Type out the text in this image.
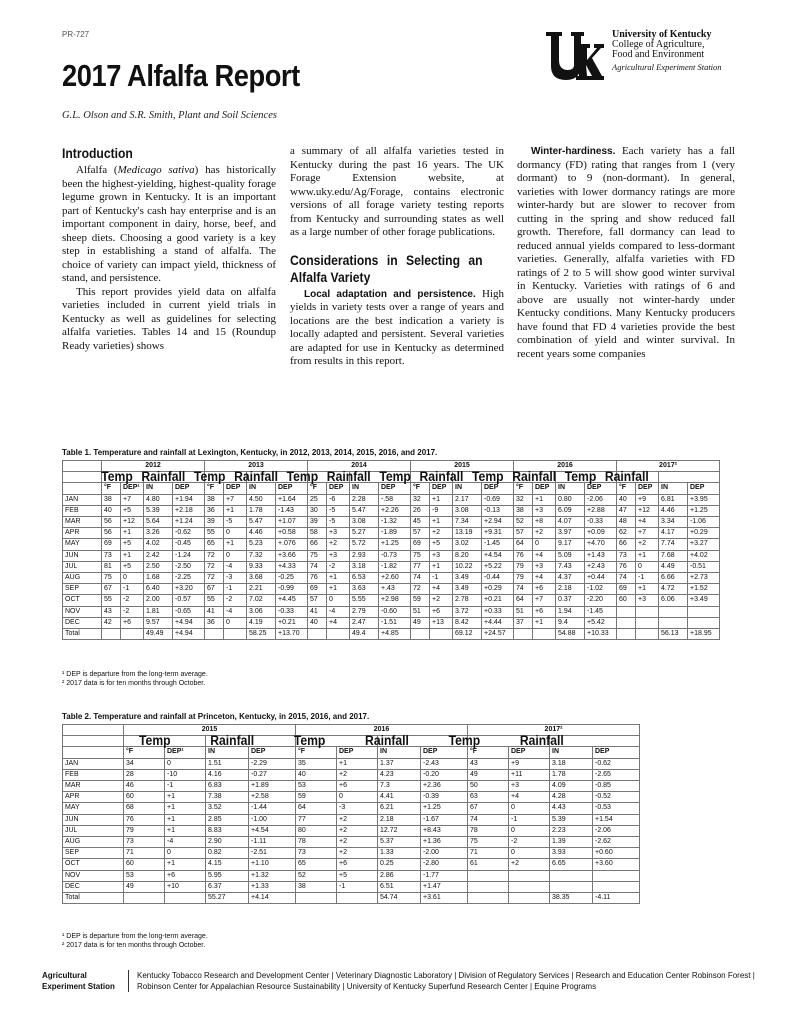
PR-727
2017 Alfalfa Report
G.L. Olson and S.R. Smith, Plant and Soil Sciences
University of Kentucky
College of Agriculture,
Food and Environment
Agricultural Experiment Station
Introduction

Alfalfa (Medicago sativa) has historically been the highest-yielding, highest-quality forage legume grown in Kentucky. It is an important part of Kentucky's cash hay enterprise and is an important component in dairy, horse, beef, and sheep diets. Choosing a good variety is a key step in establishing a stand of alfalfa. The choice of variety can impact yield, thickness of stand, and persistence.

This report provides yield data on alfalfa varieties included in current yield trials in Kentucky as well as guidelines for selecting alfalfa varieties. Tables 14 and 15 (Roundup Ready varieties) shows

a summary of all alfalfa varieties tested in Kentucky during the past 16 years. The UK Forage Extension website, at www.uky.edu/Ag/Forage, contains electronic versions of all forage variety testing reports from Kentucky and surrounding states as well as a large number of other forage publications.

Considerations in Selecting an Alfalfa Variety

Local adaptation and persistence. High yields in variety tests over a range of years and locations are the best indication a variety is locally adapted and persistent. Several varieties are adapted for use in Kentucky as determined from results in this report.

Winter-hardiness. Each variety has a fall dormancy (FD) rating that ranges from 1 (very dormant) to 9 (non-dormant). In general, varieties with lower dormancy ratings are more winter-hardy but are slower to recover from cutting in the spring and show reduced fall growth. Therefore, fall dormancy can lead to reduced annual yields compared to less-dormant varieties. Generally, alfalfa varieties with FD ratings of 2 to 5 will show good winter survival in Kentucky. Varieties with ratings of 6 and above are usually not winter-hardy under Kentucky conditions. Many Kentucky producers have found that FD 4 varieties provide the best combination of yield and winter survival. In recent years some companies

Table 1. Temperature and rainfall at Lexington, Kentucky, in 2012, 2013, 2014, 2015, 2016, and 2017.
	2012				2013				2014				2015				2016				2017²			
	Temp		Rainfall		Temp		Rainfall		Temp		Rainfall		Temp		Rainfall		Temp		Rainfall		Temp		Rainfall	
	°F	DEP¹	IN	DEP	°F	DEP	IN	DEP	°F	DEP	IN	DEP	°F	DEP	IN	DEP	°F	DEP	IN	DEP	°F	DEP	IN	DEP
JAN	38	+7	4.80	+1.94	38	+7	4.50	+1.64	25	-6	2.28	-.58	32	+1	2.17	-0.69	32	+1	0.80	-2.06	40	+9	6.81	+3.95
FEB	40	+5	5.39	+2.18	36	+1	1.78	-1.43	30	-5	5.47	+2.26	26	-9	3.08	-0.13	38	+3	6.09	+2.88	47	+12	4.46	+1.25
MAR	56	+12	5.64	+1.24	39	-5	5.47	+1.07	39	-5	3.08	-1.32	45	+1	7.34	+2.94	52	+8	4.07	-0.33	48	+4	3.34	-1.06
APR	56	+1	3.26	-0.62	55	0	4.46	+0.58	58	+3	5.27	-1.89	57	+2	13.19	+9.31	57	+2	3.97	+0.09	62	+7	4.17	+0.29
MAY	69	+5	4.02	-0.45	65	+1	5.23	+.076	66	+2	5.72	+1.25	69	+5	3.02	-1.45	64	0	9.17	+4.70	66	+2	7.74	+3.27
JUN	73	+1	2.42	-1.24	72	0	7.32	+3.66	75	+3	2.93	-0.73	75	+3	8.20	+4.54	76	+4	5.09	+1.43	73	+1	7.68	+4.02
JUL	81	+5	2.50	-2.50	72	-4	9.33	+4.33	74	-2	3.18	-1.82	77	+1	10.22	+5.22	79	+3	7.43	+2.43	76	0	4.49	-0.51
AUG	75	0	1.68	-2.25	72	-3	3.68	-0.25	76	+1	6.53	+2.60	74	-1	3.49	-0.44	79	+4	4.37	+0.44	74	-1	6.66	+2.73
SEP	67	-1	6.40	+3.20	67	-1	2.21	-0.99	69	+1	3.63	+.43	72	+4	3.49	+0.29	74	+6	2.18	-1.02	69	+1	4.72	+1.52
OCT	55	-2	2.00	-0.57	55	-2	7.02	+4.45	57	0	5.55	+2.98	59	+2	2.78	+0.21	64	+7	0.37	-2.20	60	+3	6.06	+3.49
NOV	43	-2	1.81	-0.65	41	-4	3.06	-0.33	41	-4	2.79	-0.60	51	+6	3.72	+0.33	51	+6	1.94	-1.45				
DEC	42	+6	9.57	+4.94	36	0	4.19	+0.21	40	+4	2.47	-1.51	49	+13	8.42	+4.44	37	+1	9.4	+5.42				
Total			49.49	+4.94			58.25	+13.70			49.4	+4.85			69.12	+24.57			54.88	+10.33			56.13	+18.95
¹ DEP is departure from the long-term average.
² 2017 data is for ten months through October.
Table 2. Temperature and rainfall at Princeton, Kentucky, in 2015, 2016, and 2017.
	2015				2016				2017²			
	Temp		Rainfall		Temp		Rainfall		Temp		Rainfall	
	°F	DEP¹	IN	DEP	°F	DEP	IN	DEP	°F	DEP	IN	DEP
JAN	34	0	1.51	-2.29	35	+1	1.37	-2.43	43	+9	3.18	-0.62
FEB	28	-10	4.16	-0.27	40	+2	4.23	-0.20	49	+11	1.78	-2.65
MAR	46	-1	6.83	+1.89	53	+6	7.3	+2.36	50	+3	4.09	-0.85
APR	60	+1	7.38	+2.58	59	0	4.41	-0.39	63	+4	4.28	-0.52
MAY	68	+1	3.52	-1.44	64	-3	6.21	+1.25	67	0	4.43	-0.53
JUN	76	+1	2.85	-1.00	77	+2	2.18	-1.67	74	-1	5.39	+1.54
JUL	79	+1	8.83	+4.54	80	+2	12.72	+8.43	78	0	2.23	-2.06
AUG	73	-4	2.90	-1.11	78	+2	5.37	+1.36	75	-2	1.39	-2.62
SEP	71	0	0.82	-2.51	73	+2	1.33	-2.00	71	0	3.93	+0.60
OCT	60	+1	4.15	+1.10	65	+6	0.25	-2.80	61	+2	6.65	+3.60
NOV	53	+6	5.95	+1.32	52	+5	2.86	-1.77				
DEC	49	+10	6.37	+1.33	38	-1	6.51	+1.47				
Total			55.27	+4.14			54.74	+3.61			38.35	-4.11
¹ DEP is departure from the long-term average.
² 2017 data is for ten months through October.
Agricultural Experiment Station
Kentucky Tobacco Research and Development Center | Veterinary Diagnostic Laboratory | Division of Regulatory Services | Research and Education Center Robinson Forest | Robinson Center for Appalachian Resource Sustainability | University of Kentucky Superfund Research Center | Equine Programs
